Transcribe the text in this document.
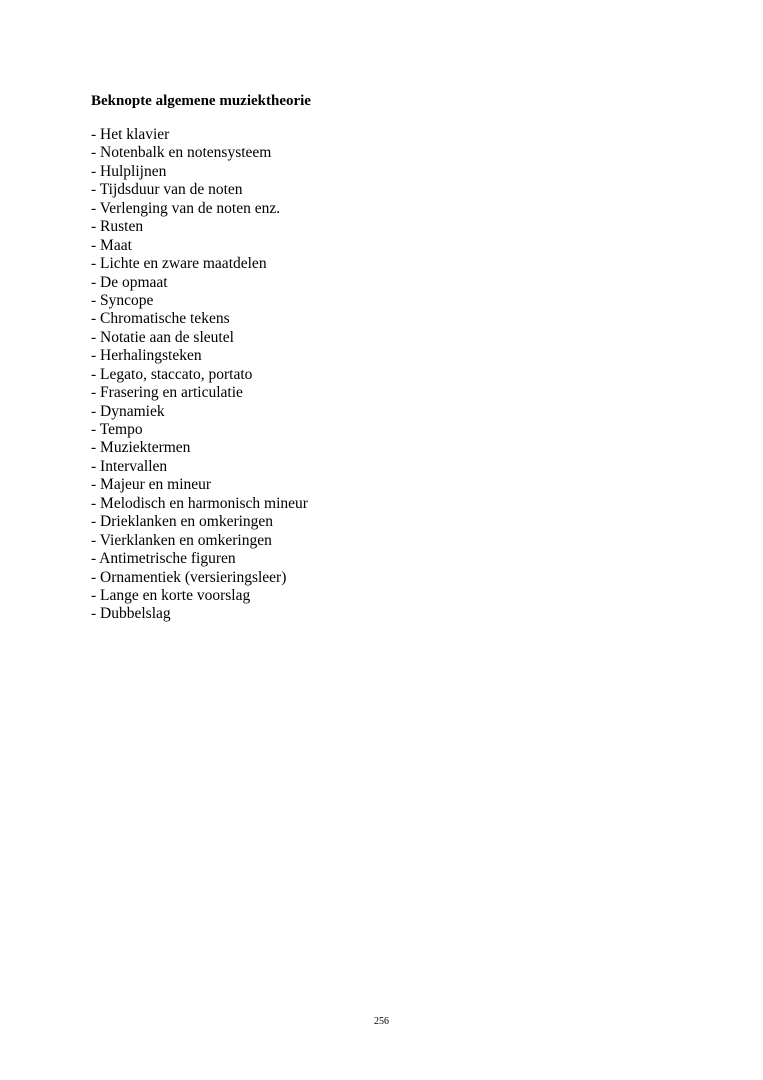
Beknopte algemene muziektheorie
- Het klavier
- Notenbalk en notensysteem
- Hulplijnen
- Tijdsduur van de noten
- Verlenging van de noten enz.
- Rusten
- Maat
- Lichte en zware maatdelen
- De opmaat
- Syncope
- Chromatische tekens
- Notatie aan de sleutel
- Herhalingsteken
- Legato, staccato, portato
- Frasering en articulatie
- Dynamiek
- Tempo
- Muziektermen
- Intervallen
- Majeur en mineur
- Melodisch en harmonisch mineur
- Drieklanken en omkeringen
- Vierklanken en omkeringen
- Antimetrische figuren
- Ornamentiek (versieringsleer)
- Lange en korte voorslag
- Dubbelslag
256
